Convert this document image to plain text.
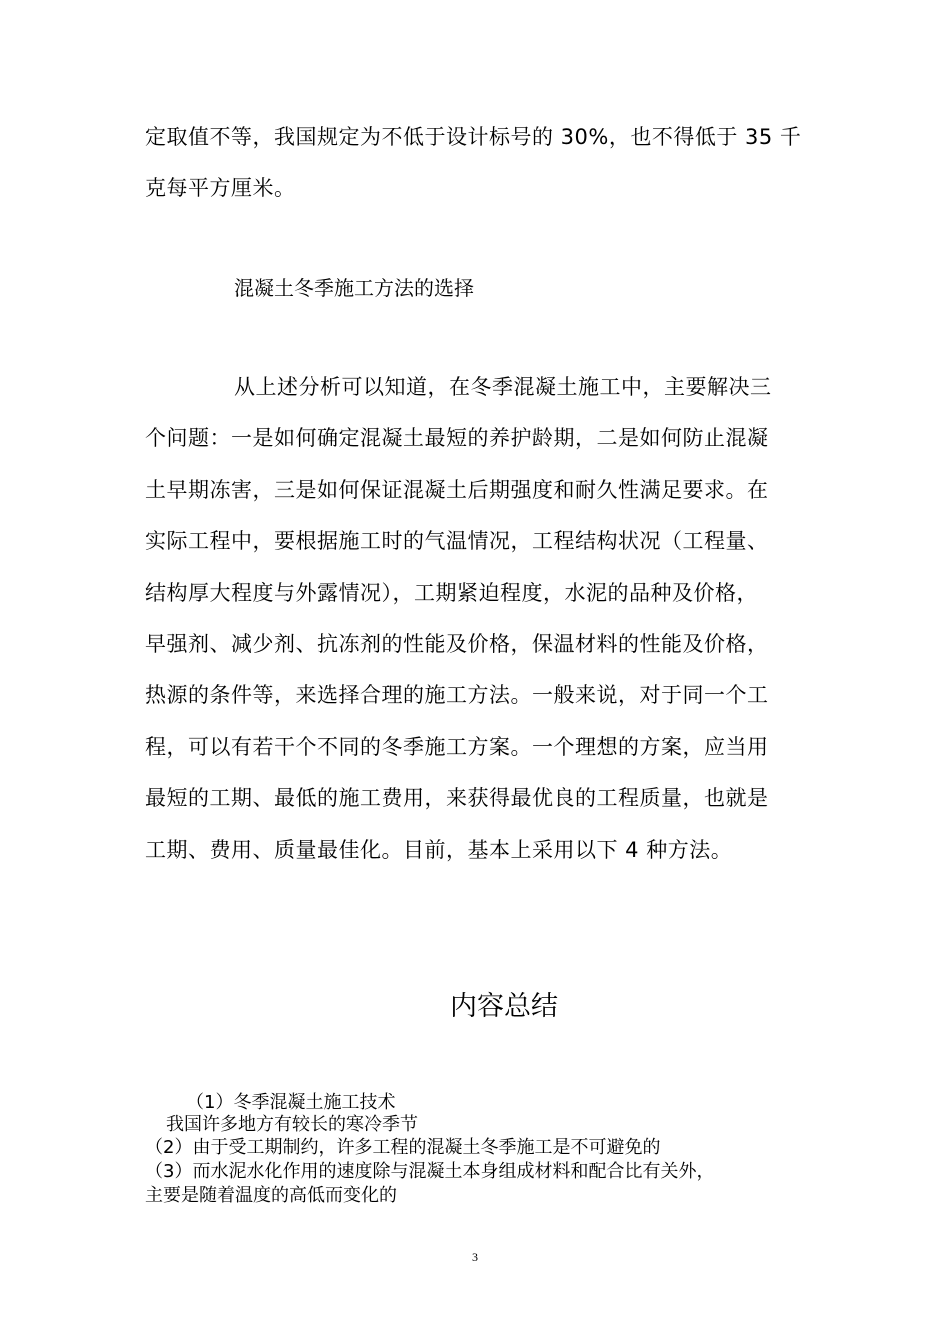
定取值不等，我国规定为不低于设计标号的 30%，也不得低于 35 千
克每平方厘米。
混凝土冬季施工方法的选择
从上述分析可以知道，在冬季混凝土施工中，主要解决三
个问题：一是如何确定混凝土最短的养护龄期，二是如何防止混凝
土早期冻害，三是如何保证混凝土后期强度和耐久性满足要求。在
实际工程中，要根据施工时的气温情况，工程结构状况（工程量、
结构厚大程度与外露情况），工期紧迫程度，水泥的品种及价格，
早强剂、减少剂、抗冻剂的性能及价格，保温材料的性能及价格，
热源的条件等，来选择合理的施工方法。一般来说，对于同一个工
程，可以有若干个不同的冬季施工方案。一个理想的方案，应当用
最短的工期、最低的施工费用，来获得最优良的工程质量，也就是
工期、费用、质量最佳化。目前，基本上采用以下 4 种方法。
内容总结
（1）冬季混凝土施工技术
我国许多地方有较长的寒冷季节
（2）由于受工期制约，许多工程的混凝土冬季施工是不可避免的
（3）而水泥水化作用的速度除与混凝土本身组成材料和配合比有关外，
主要是随着温度的高低而变化的
3
